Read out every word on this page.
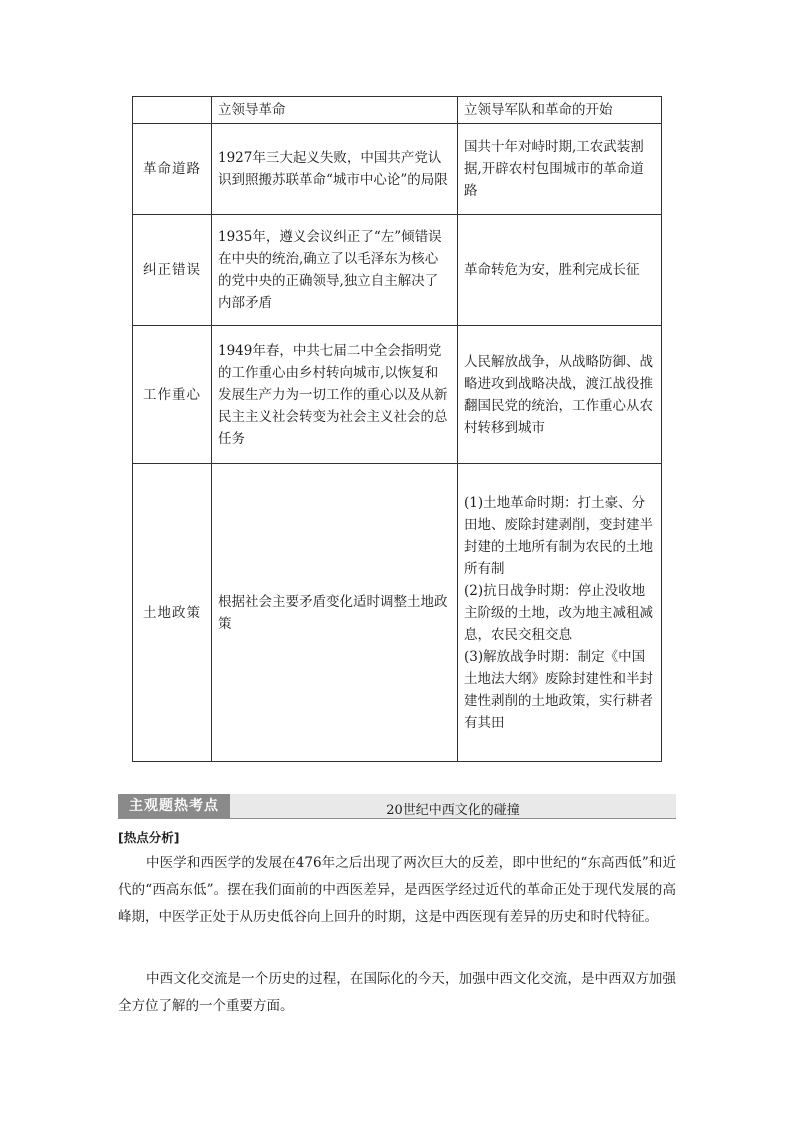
	立领导革命	立领导军队和革命的开始
革命道路	1927年三大起义失败，中国共产党认识到照搬苏联革命“城市中心论”的局限	国共十年对峙时期,工农武装割据,开辟农村包围城市的革命道路
纠正错误	1935年，遵义会议纠正了“左”倾错误在中央的统治,确立了以毛泽东为核心的党中央的正确领导,独立自主解决了内部矛盾	革命转危为安，胜利完成长征
工作重心	1949年春，中共七届二中全会指明党的工作重心由乡村转向城市,以恢复和发展生产力为一切工作的重心以及从新民主主义社会转变为社会主义社会的总任务	人民解放战争，从战略防御、战略进攻到战略决战，渡江战役推翻国民党的统治，工作重心从农村转移到城市
土地政策	根据社会主要矛盾变化适时调整土地政策	(1)土地革命时期：打土豪、分田地、废除封建剥削，变封建半封建的土地所有制为农民的土地所有制
(2)抗日战争时期：停止没收地主阶级的土地，改为地主减租减息，农民交租交息
(3)解放战争时期：制定《中国土地法大纲》废除封建性和半封建性剥削的土地政策，实行耕者有其田
主观题热考点	20世纪中西文化的碰撞
[热点分析]

中医学和西医学的发展在476年之后出现了两次巨大的反差，即中世纪的“东高西低”和近代的“西高东低”。摆在我们面前的中西医差异，是西医学经过近代的革命正处于现代发展的高峰期，中医学正处于从历史低谷向上回升的时期，这是中西医现有差异的历史和时代特征。

中西文化交流是一个历史的过程，在国际化的今天，加强中西文化交流，是中西双方加强全方位了解的一个重要方面。
